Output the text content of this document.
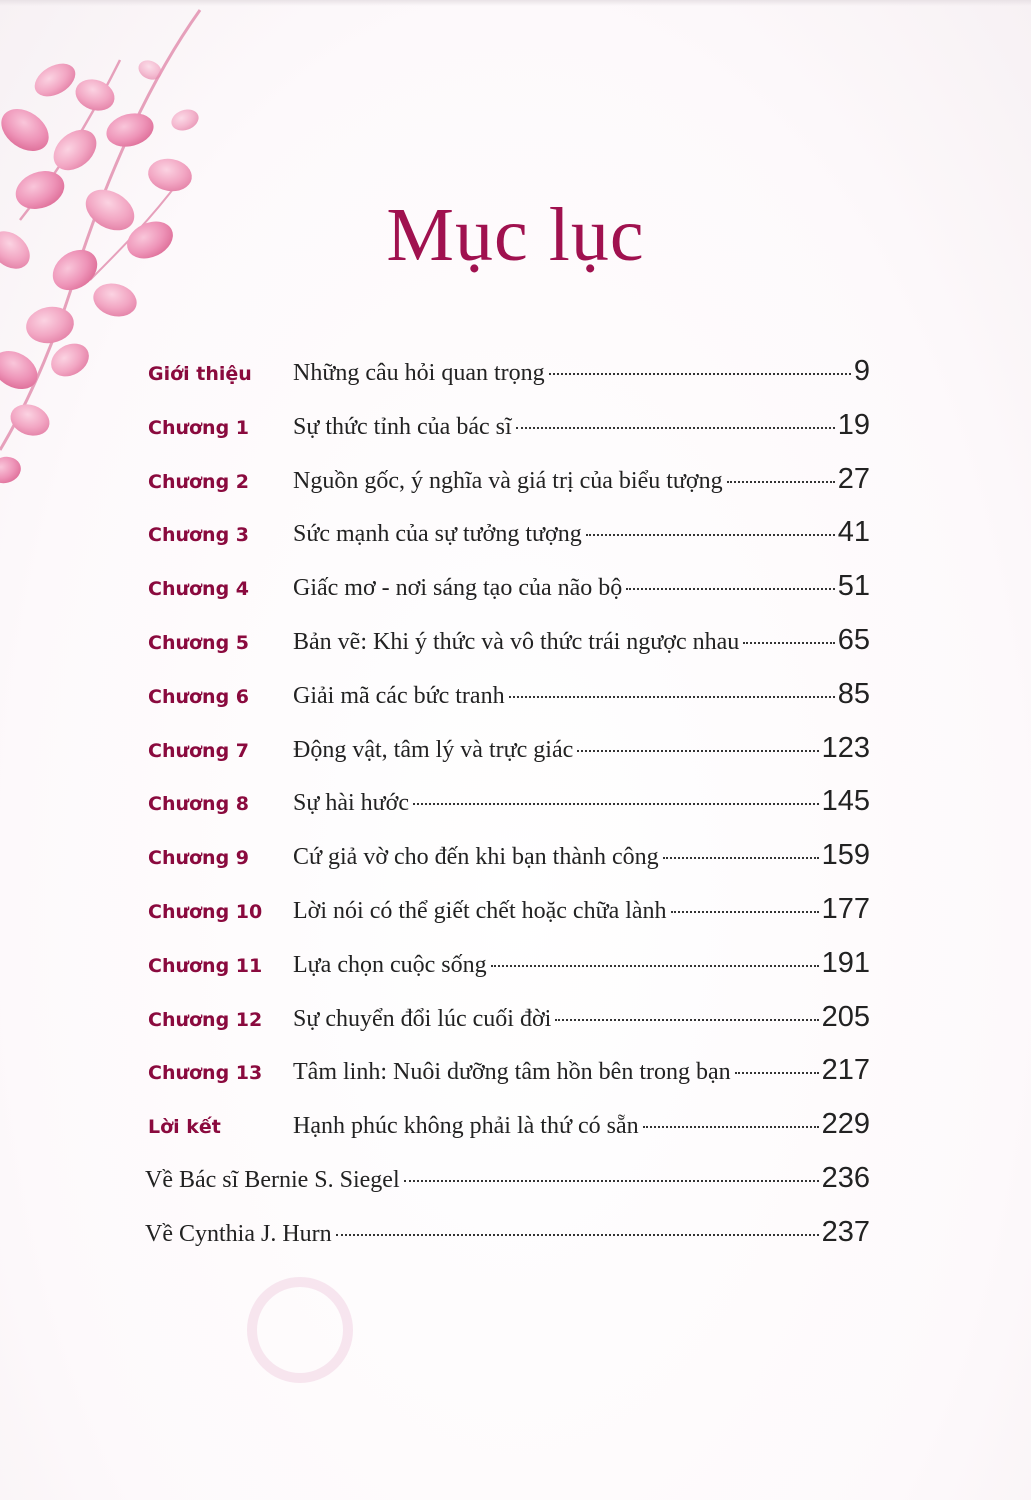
Mục lục
Giới thiệu Những câu hỏi quan trọng	9
Chương 1 Sự thức tỉnh của bác sĩ	19
Chương 2 Nguồn gốc, ý nghĩa và giá trị của biểu tượng	27
Chương 3 Sức mạnh của sự tưởng tượng	41
Chương 4 Giấc mơ - nơi sáng tạo của não bộ	51
Chương 5 Bản vẽ: Khi ý thức và vô thức trái ngược nhau	65
Chương 6 Giải mã các bức tranh	85
Chương 7 Động vật, tâm lý và trực giác	123
Chương 8 Sự hài hước	145
Chương 9 Cứ giả vờ cho đến khi bạn thành công	159
Chương 10 Lời nói có thể giết chết hoặc chữa lành	177
Chương 11 Lựa chọn cuộc sống	191
Chương 12 Sự chuyển đổi lúc cuối đời	205
Chương 13 Tâm linh: Nuôi dưỡng tâm hồn bên trong bạn	217
Lời kết	Hạnh phúc không phải là thứ có sẵn	229
Về Bác sĩ Bernie S. Siegel	236
Về Cynthia J. Hurn	237
